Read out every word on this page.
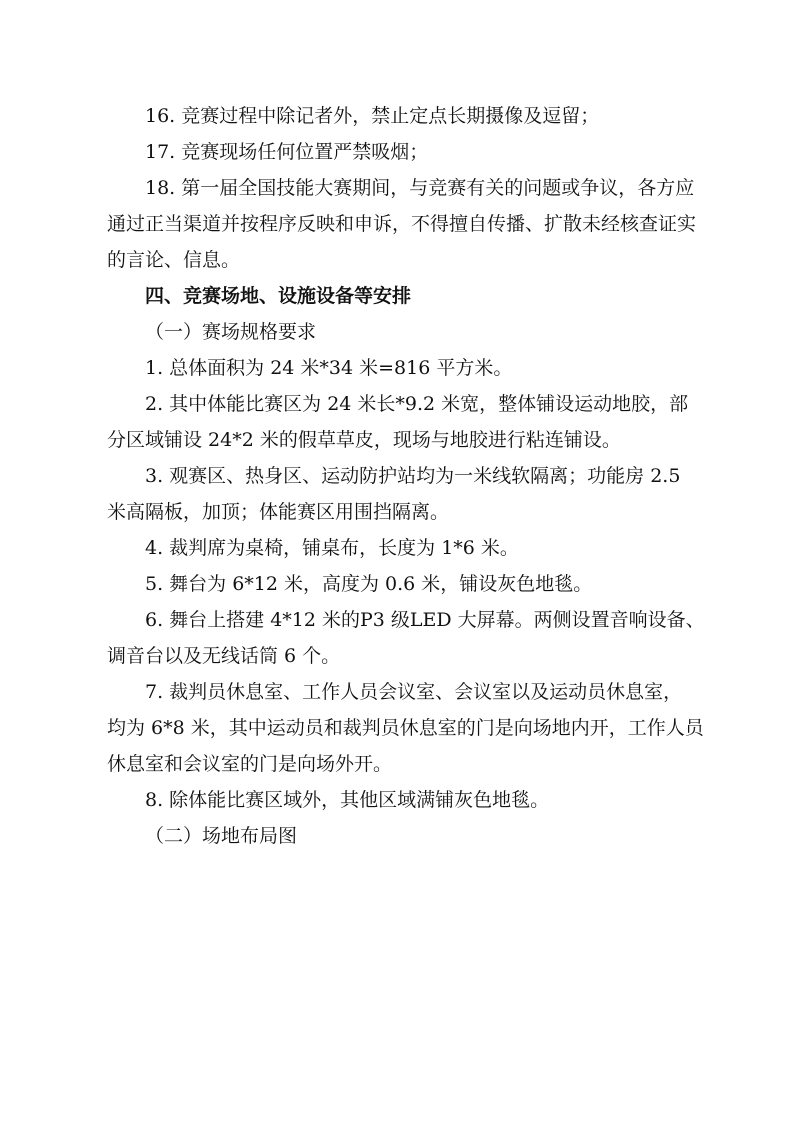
16. 竞赛过程中除记者外，禁止定点长期摄像及逗留；

17. 竞赛现场任何位置严禁吸烟；

18. 第一届全国技能大赛期间，与竞赛有关的问题或争议，各方应通过正当渠道并按程序反映和申诉，不得擅自传播、扩散未经核查证实的言论、信息。

四、竞赛场地、设施设备等安排

（一）赛场规格要求

1. 总体面积为 24 米*34 米=816 平方米。

2. 其中体能比赛区为 24 米长*9.2 米宽，整体铺设运动地胶，部分区域铺设 24*2 米的假草草皮，现场与地胶进行粘连铺设。

3. 观赛区、热身区、运动防护站均为一米线软隔离；功能房 2.5

米高隔板，加顶；体能赛区用围挡隔离。

4. 裁判席为桌椅，铺桌布，长度为 1*6 米。

5. 舞台为 6*12 米，高度为 0.6 米，铺设灰色地毯。

6. 舞台上搭建 4*12 米的P3 级LED 大屏幕。两侧设置音响设备、调音台以及无线话筒 6 个。

7. 裁判员休息室、工作人员会议室、会议室以及运动员休息室， 均为 6*8 米，其中运动员和裁判员休息室的门是向场地内开，工作人员休息室和会议室的门是向场外开。

8. 除体能比赛区域外，其他区域满铺灰色地毯。

（二）场地布局图
